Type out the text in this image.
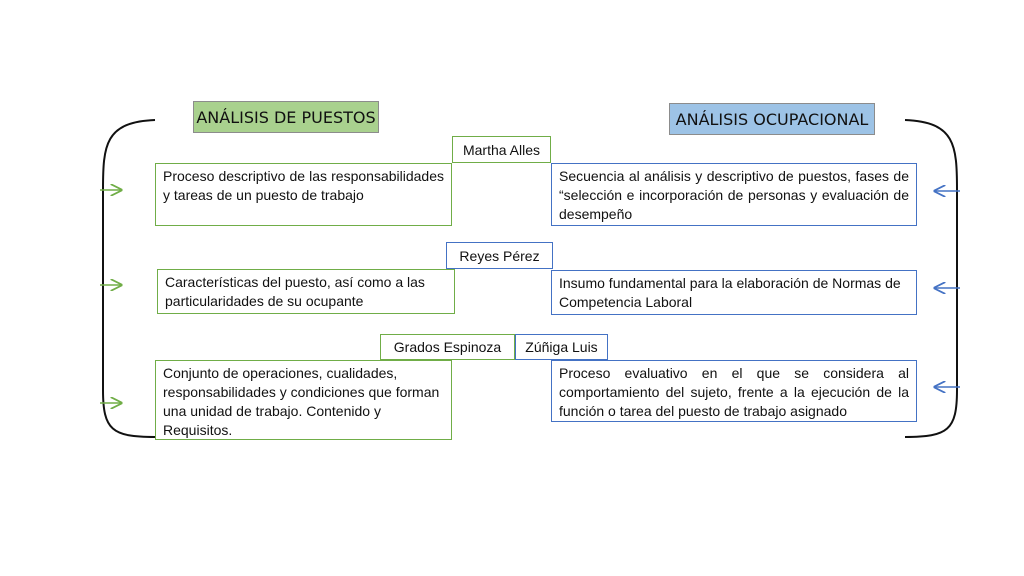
ANÁLISIS DE PUESTOS	ANÁLISIS OCUPACIONAL
Proceso descriptivo de las responsabilidades y tareas de un puesto de trabajo
Características del puesto, así como a las particularidades de su ocupante
Conjunto de operaciones, cualidades, responsabilidades y condiciones que forman una unidad de trabajo. Contenido y Requisitos.
Secuencia al análisis y descriptivo de puestos, fases de “selección e incorporación de personas y evaluación de desempeño
Insumo fundamental para la elaboración de Normas de Competencia Laboral
Proceso evaluativo en el que se considera al comportamiento del sujeto, frente a la ejecución de la función o tarea del puesto de trabajo asignado
Martha Alles
Reyes Pérez
Grados Espinoza	Zúñiga Luis
